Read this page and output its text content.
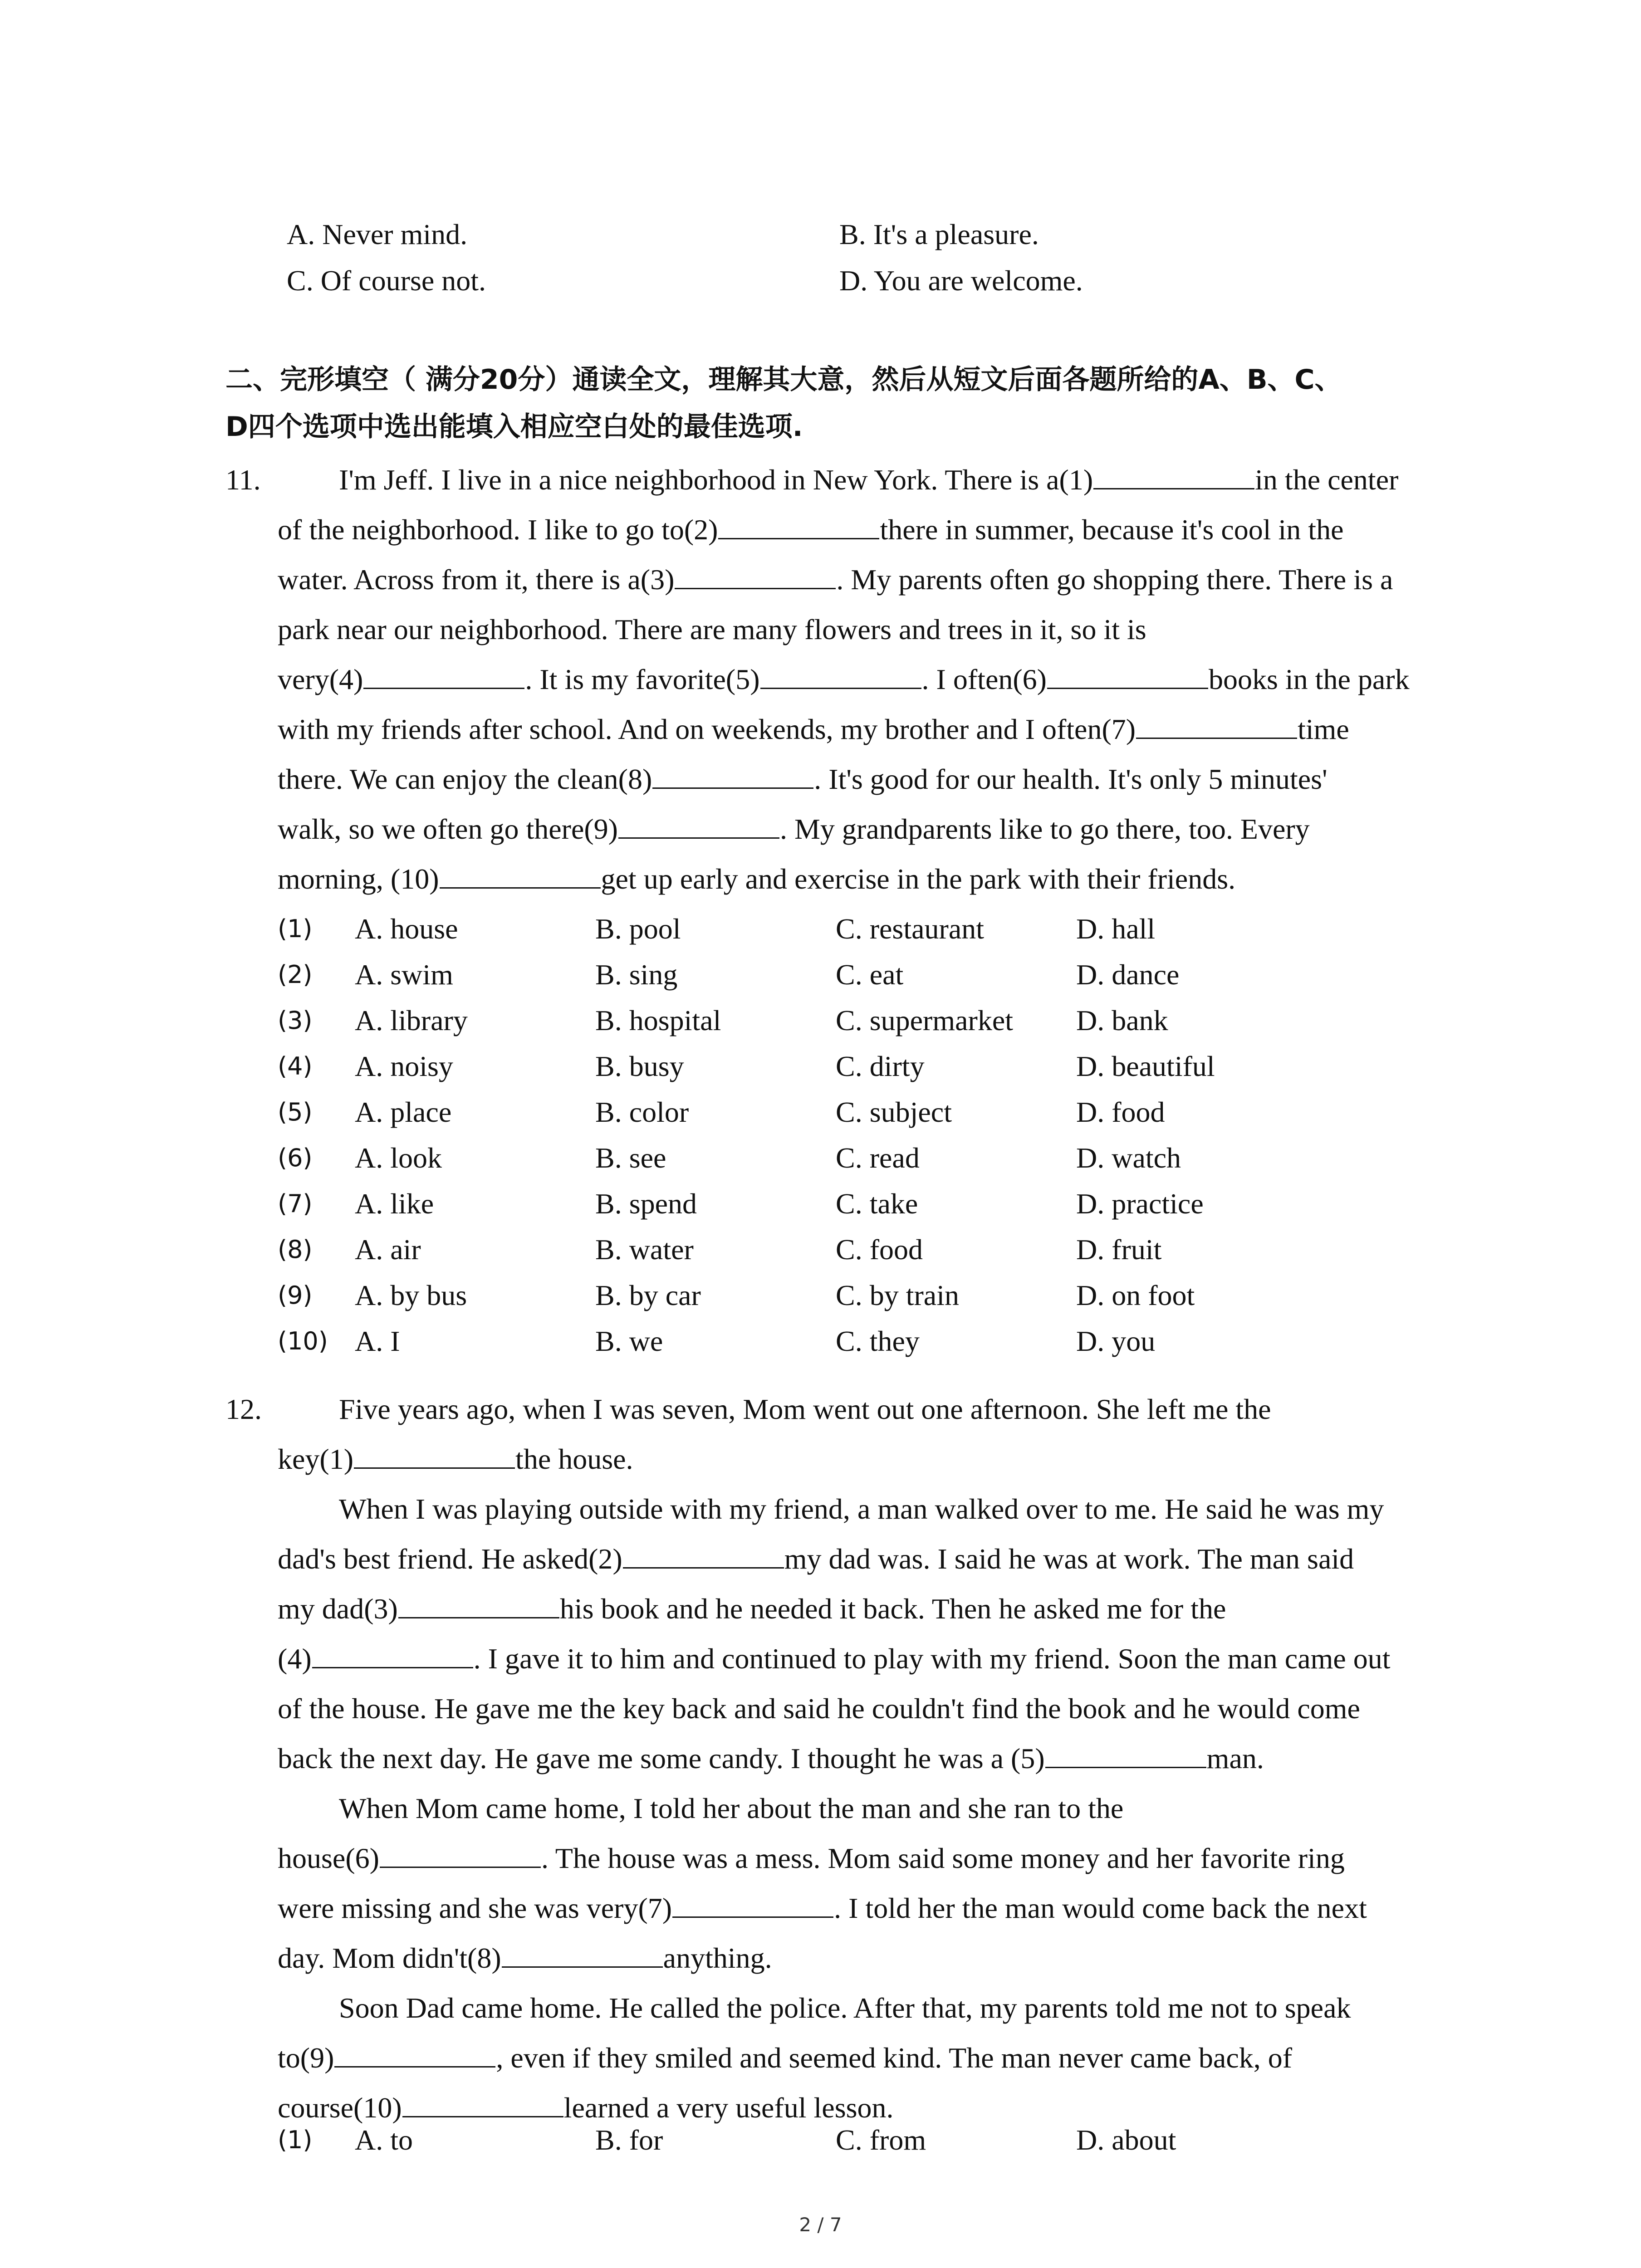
A. Never mind.	B. It's a pleasure.
C. Of course not.	D. You are welcome.
二、完形填空（ 满分20分）通读全文，理解其大意，然后从短文后面各题所给的A、B、C、
D四个选项中选出能填入相应空白处的最佳选项.
11.	I'm Jeff. I live in a nice neighborhood in New York. There is a(1)	in the center
of the neighborhood. I like to go to(2)	there in summer, because it's cool in the
water. Across from it, there is a(3)	. My parents often go shopping there. There is a
park near our neighborhood. There are many flowers and trees in it, so it is
very(4)	. It is my favorite(5)	. I often(6)	books in the park
with my friends after school. And on weekends, my brother and I often(7)	time
there. We can enjoy the clean(8)	. It's good for our health. It's only 5 minutes'
walk, so we often go there(9)	. My grandparents like to go there, too. Every
morning, (10)	get up early and exercise in the park with their friends.
(1) A. house	B. pool	C. restaurant	D. hall
(2) A. swim	B. sing	C. eat	D. dance
(3) A. library	B. hospital	C. supermarket D. bank
(4) A. noisy	B. busy	C. dirty	D. beautiful
(5) A. place	B. color	C. subject	D. food
(6) A. look	B. see	C. read	D. watch
(7) A. like	B. spend	C. take	D. practice
(8) A. air	B. water	C. food	D. fruit
(9) A. by bus	B. by car	C. by train	D. on foot
(10) A. I	B. we	C. they	D. you
12.	Five years ago, when I was seven, Mom went out one afternoon. She left me the
key(1)	the house.
When I was playing outside with my friend, a man walked over to me. He said he was my
dad's best friend. He asked(2)	my dad was. I said he was at work. The man said
my dad(3)	his book and he needed it back. Then he asked me for the
(4)	. I gave it to him and continued to play with my friend. Soon the man came out
of the house. He gave me the key back and said he couldn't find the book and he would come
back the next day. He gave me some candy. I thought he was a (5)	man.
When Mom came home, I told her about the man and she ran to the
house(6)	. The house was a mess. Mom said some money and her favorite ring
were missing and she was very(7)	. I told her the man would come back the next
day. Mom didn't(8)	anything.
Soon Dad came home. He called the police. After that, my parents told me not to speak
to(9)	, even if they smiled and seemed kind. The man never came back, of
course(10)	learned a very useful lesson.
(1) A. to	B. for	C. from	D. about
2 / 7
